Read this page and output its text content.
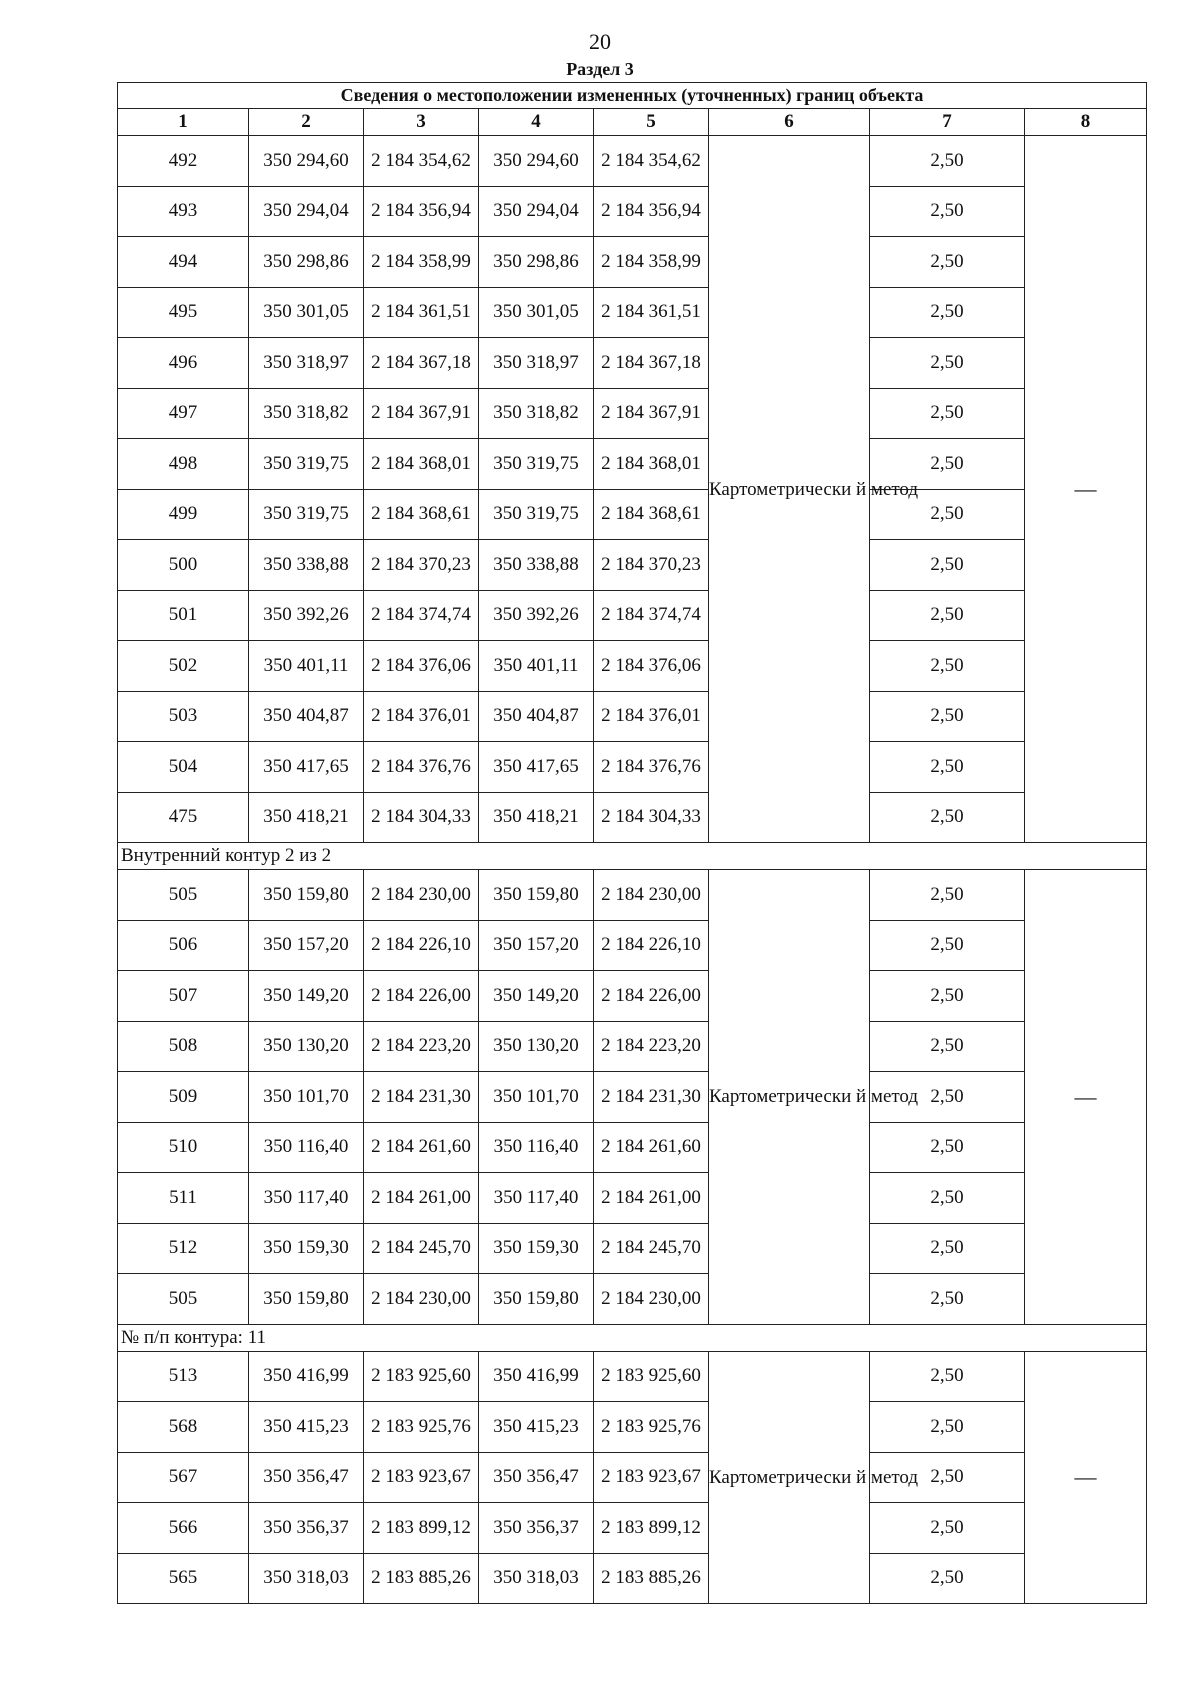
20
Раздел 3
Сведения о местоположении измененных (уточненных) границ объекта							
1	2	3	4	5	6	7	8
492	350 294,60	2 184 354,62	350 294,60	2 184 354,62	Картометрически й метод	2,50	—
493	350 294,04	2 184 356,94	350 294,04	2 184 356,94		2,50	
494	350 298,86	2 184 358,99	350 298,86	2 184 358,99		2,50	
495	350 301,05	2 184 361,51	350 301,05	2 184 361,51		2,50	
496	350 318,97	2 184 367,18	350 318,97	2 184 367,18		2,50	
497	350 318,82	2 184 367,91	350 318,82	2 184 367,91		2,50	
498	350 319,75	2 184 368,01	350 319,75	2 184 368,01		2,50	
499	350 319,75	2 184 368,61	350 319,75	2 184 368,61		2,50	
500	350 338,88	2 184 370,23	350 338,88	2 184 370,23		2,50	
501	350 392,26	2 184 374,74	350 392,26	2 184 374,74		2,50	
502	350 401,11	2 184 376,06	350 401,11	2 184 376,06		2,50	
503	350 404,87	2 184 376,01	350 404,87	2 184 376,01		2,50	
504	350 417,65	2 184 376,76	350 417,65	2 184 376,76		2,50	
475	350 418,21	2 184 304,33	350 418,21	2 184 304,33		2,50	
Внутренний контур 2 из 2							
505	350 159,80	2 184 230,00	350 159,80	2 184 230,00	Картометрически й метод	2,50	—
506	350 157,20	2 184 226,10	350 157,20	2 184 226,10		2,50	
507	350 149,20	2 184 226,00	350 149,20	2 184 226,00		2,50	
508	350 130,20	2 184 223,20	350 130,20	2 184 223,20		2,50	
509	350 101,70	2 184 231,30	350 101,70	2 184 231,30		2,50	
510	350 116,40	2 184 261,60	350 116,40	2 184 261,60		2,50	
511	350 117,40	2 184 261,00	350 117,40	2 184 261,00		2,50	
512	350 159,30	2 184 245,70	350 159,30	2 184 245,70		2,50	
505	350 159,80	2 184 230,00	350 159,80	2 184 230,00		2,50	
№ п/п контура: 11							
513	350 416,99	2 183 925,60	350 416,99	2 183 925,60	Картометрически й метод	2,50	—
568	350 415,23	2 183 925,76	350 415,23	2 183 925,76		2,50	
567	350 356,47	2 183 923,67	350 356,47	2 183 923,67		2,50	
566	350 356,37	2 183 899,12	350 356,37	2 183 899,12		2,50	
565	350 318,03	2 183 885,26	350 318,03	2 183 885,26		2,50	
